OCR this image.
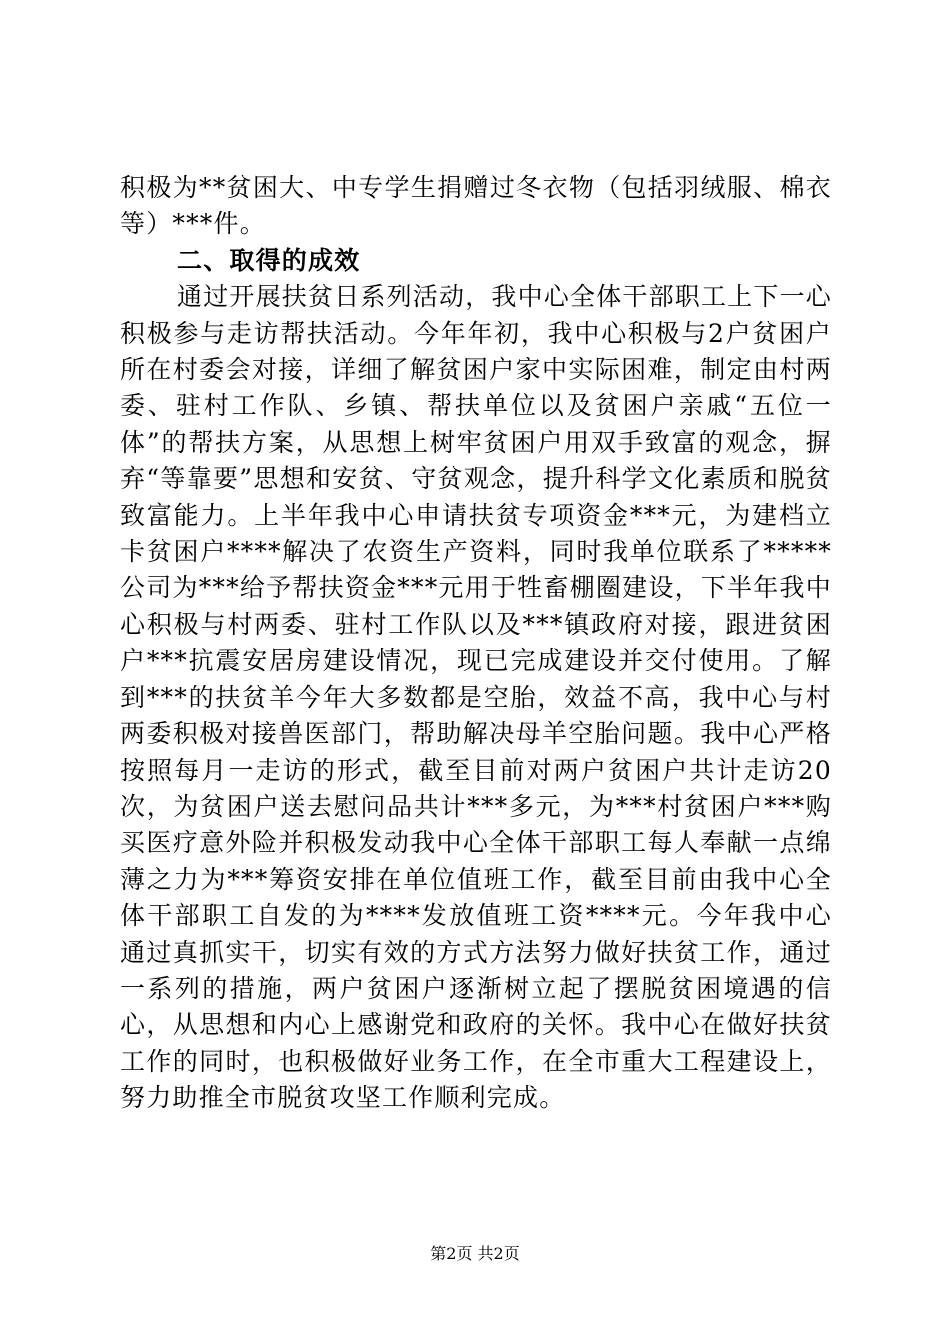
积极为**贫困大、中专学生捐赠过冬衣物（包括羽绒服、棉衣等）***件。

二、取得的成效

通过开展扶贫日系列活动，我中心全体干部职工上下一心积极参与走访帮扶活动。今年年初，我中心积极与2户贫困户所在村委会对接，详细了解贫困户家中实际困难，制定由村两委、驻村工作队、乡镇、帮扶单位以及贫困户亲戚“五位一体”的帮扶方案，从思想上树牢贫困户用双手致富的观念，摒弃“等靠要”思想和安贫、守贫观念，提升科学文化素质和脱贫致富能力。上半年我中心申请扶贫专项资金***元，为建档立卡贫困户****解决了农资生产资料，同时我单位联系了*****公司为***给予帮扶资金***元用于牲畜棚圈建设，下半年我中心积极与村两委、驻村工作队以及***镇政府对接，跟进贫困户***抗震安居房建设情况，现已完成建设并交付使用。了解到***的扶贫羊今年大多数都是空胎，效益不高，我中心与村两委积极对接兽医部门，帮助解决母羊空胎问题。我中心严格按照每月一走访的形式，截至目前对两户贫困户共计走访20次，为贫困户送去慰问品共计***多元，为***村贫困户***购买医疗意外险并积极发动我中心全体干部职工每人奉献一点绵薄之力为***筹资安排在单位值班工作，截至目前由我中心全体干部职工自发的为****发放值班工资****元。今年我中心通过真抓实干，切实有效的方式方法努力做好扶贫工作，通过一系列的措施，两户贫困户逐渐树立起了摆脱贫困境遇的信心，从思想和内心上感谢党和政府的关怀。我中心在做好扶贫工作的同时，也积极做好业务工作，在全市重大工程建设上，努力助推全市脱贫攻坚工作顺利完成。

第2页 共2页
